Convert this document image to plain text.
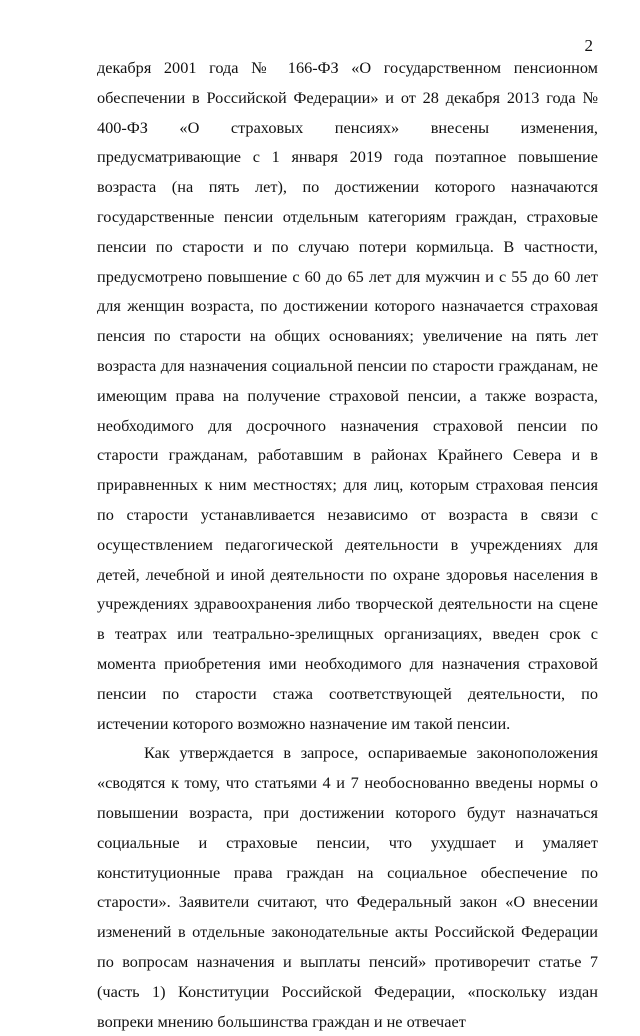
2

декабря 2001 года № 166-ФЗ «О государственном пенсионном обеспечении в Российской Федерации» и от 28 декабря 2013 года № 400-ФЗ «О страховых пенсиях» внесены изменения, предусматривающие с 1 января 2019 года поэтапное повышение возраста (на пять лет), по достижении которого назначаются государственные пенсии отдельным категориям граждан, страховые пенсии по старости и по случаю потери кормильца. В частности, предусмотрено повышение с 60 до 65 лет для мужчин и с 55 до 60 лет для женщин возраста, по достижении которого назначается страховая пенсия по старости на общих основаниях; увеличение на пять лет возраста для назначения социальной пенсии по старости гражданам, не имеющим права на получение страховой пенсии, а также возраста, необходимого для досрочного назначения страховой пенсии по старости гражданам, работавшим в районах Крайнего Севера и в приравненных к ним местностях; для лиц, которым страховая пенсия по старости устанавливается независимо от возраста в связи с осуществлением педагогической деятельности в учреждениях для детей, лечебной и иной деятельности по охране здоровья населения в учреждениях здравоохранения либо творческой деятельности на сцене в театрах или театрально-зрелищных организациях, введен срок с момента приобретения ими необходимого для назначения страховой пенсии по старости стажа соответствующей деятельности, по истечении которого возможно назначение им такой пенсии.

Как утверждается в запросе, оспариваемые законоположения «сводятся к тому, что статьями 4 и 7 необоснованно введены нормы о повышении возраста, при достижении которого будут назначаться социальные и страховые пенсии, что ухудшает и умаляет конституционные права граждан на социальное обеспечение по старости». Заявители считают, что Федеральный закон «О внесении изменений в отдельные законодательные акты Российской Федерации по вопросам назначения и выплаты пенсий» противоречит статье 7 (часть 1) Конституции Российской Федерации, «поскольку издан вопреки мнению большинства граждан и не отвечает
